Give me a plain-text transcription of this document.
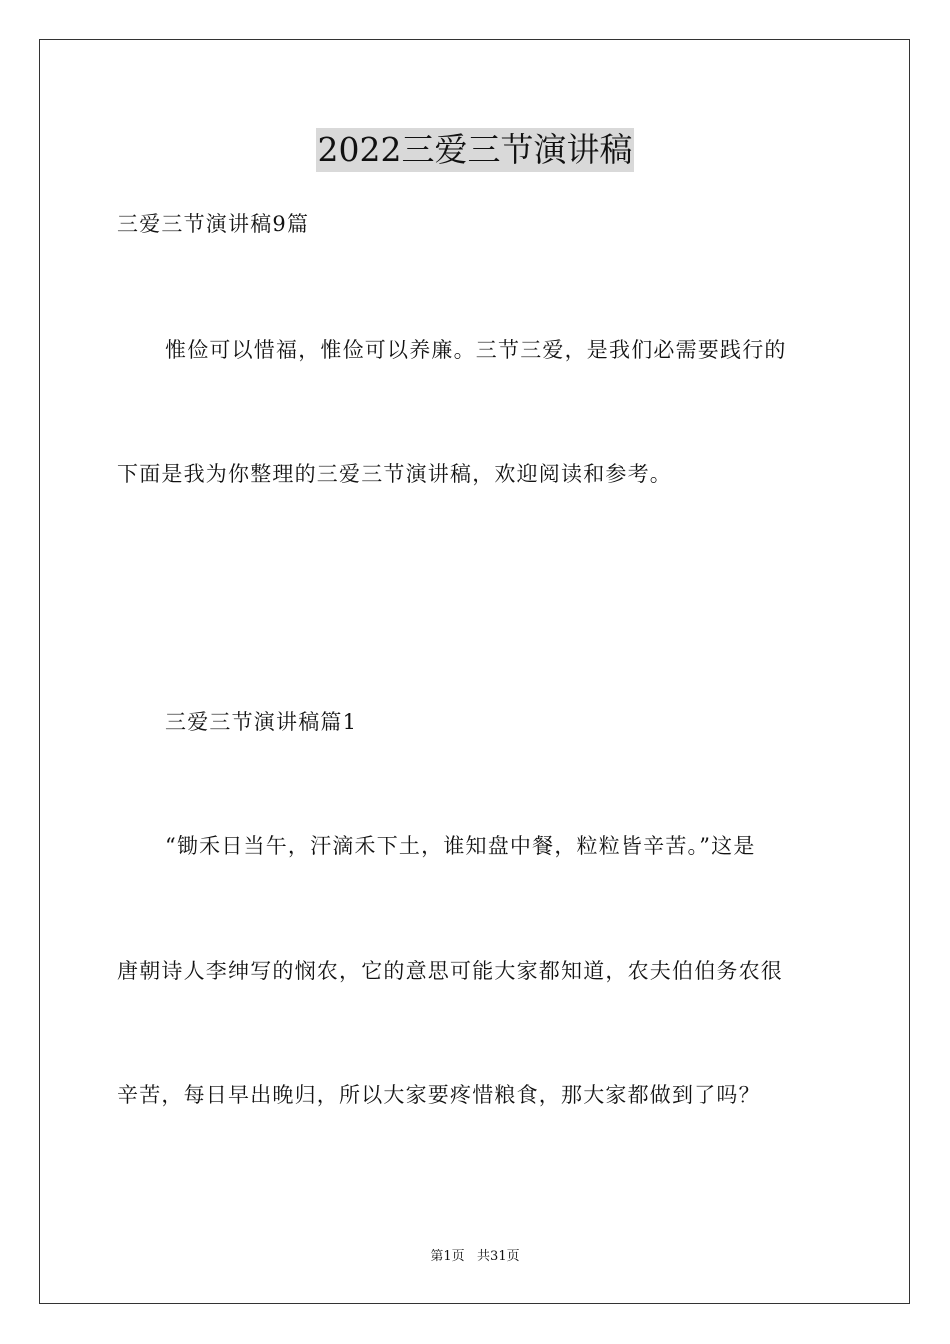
2022三爱三节演讲稿
三爱三节演讲稿9篇
惟俭可以惜福，惟俭可以养廉。三节三爱，是我们必需要践行的
下面是我为你整理的三爱三节演讲稿，欢迎阅读和参考。
三爱三节演讲稿篇1
“锄禾日当午，汗滴禾下土，谁知盘中餐，粒粒皆辛苦。”这是
唐朝诗人李绅写的悯农，它的意思可能大家都知道，农夫伯伯务农很
辛苦，每日早出晚归，所以大家要疼惜粮食，那大家都做到了吗？
第1页   共31页
